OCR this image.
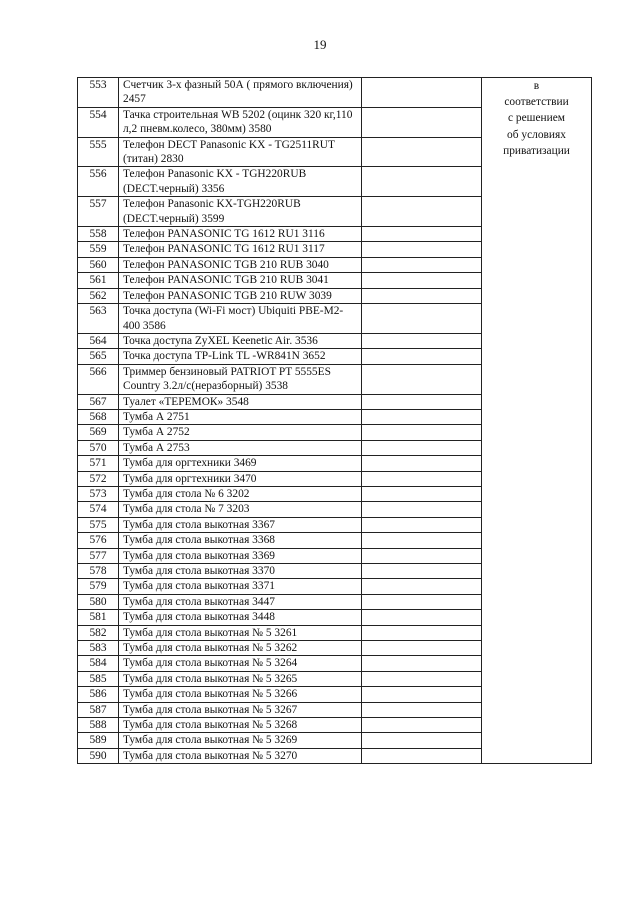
19
553	Счетчик 3-х фазный 50А ( прямого включения) 2457		в
соответствии
с решением
об условиях
приватизации

554	Тачка строительная WB 5202 (оцинк 320 кг,110 л,2 пневм.колесо, 380мм) 3580		
555	Телефон DECT Panasonic KX - TG2511RUT (титан) 2830		
556	Телефон Panasonic KX - TGH220RUB (DECT.черный) 3356		
557	Телефон Panasonic KX-TGH220RUB (DECT.черный) 3599		
558	Телефон PANASONIC TG 1612 RU1 3116		
559	Телефон PANASONIC TG 1612 RU1 3117		
560	Телефон PANASONIC TGB 210 RUB 3040		
561	Телефон PANASONIC TGB 210 RUB 3041		
562	Телефон PANASONIC TGB 210 RUW 3039		
563	Точка доступа (Wi-Fi мост) Ubiquiti PBE-M2-400 3586		
564	Точка доступа ZyXEL Keenetic Air. 3536		
565	Точка доступа TP-Link TL -WR841N 3652		
566	Триммер бензиновый PATRIOT PT 5555ES Country 3.2л/с(неразборный) 3538		
567	Туалет «ТЕРЕМОК» 3548		
568	Тумба А 2751		
569	Тумба А 2752		
570	Тумба А 2753		
571	Тумба для оргтехники 3469		
572	Тумба для оргтехники 3470		
573	Тумба для стола № 6 3202		
574	Тумба для стола № 7 3203		
575	Тумба для стола выкотная 3367		
576	Тумба для стола выкотная 3368		
577	Тумба для стола выкотная 3369		
578	Тумба для стола выкотная 3370		
579	Тумба для стола выкотная 3371		
580	Тумба для стола выкотная 3447		
581	Тумба для стола выкотная 3448		
582	Тумба для стола выкотная № 5 3261		
583	Тумба для стола выкотная № 5 3262		
584	Тумба для стола выкотная № 5 3264		
585	Тумба для стола выкотная № 5 3265		
586	Тумба для стола выкотная № 5 3266		
587	Тумба для стола выкотная № 5 3267		
588	Тумба для стола выкотная № 5 3268		
589	Тумба для стола выкотная № 5 3269		
590	Тумба для стола выкотная № 5 3270		
